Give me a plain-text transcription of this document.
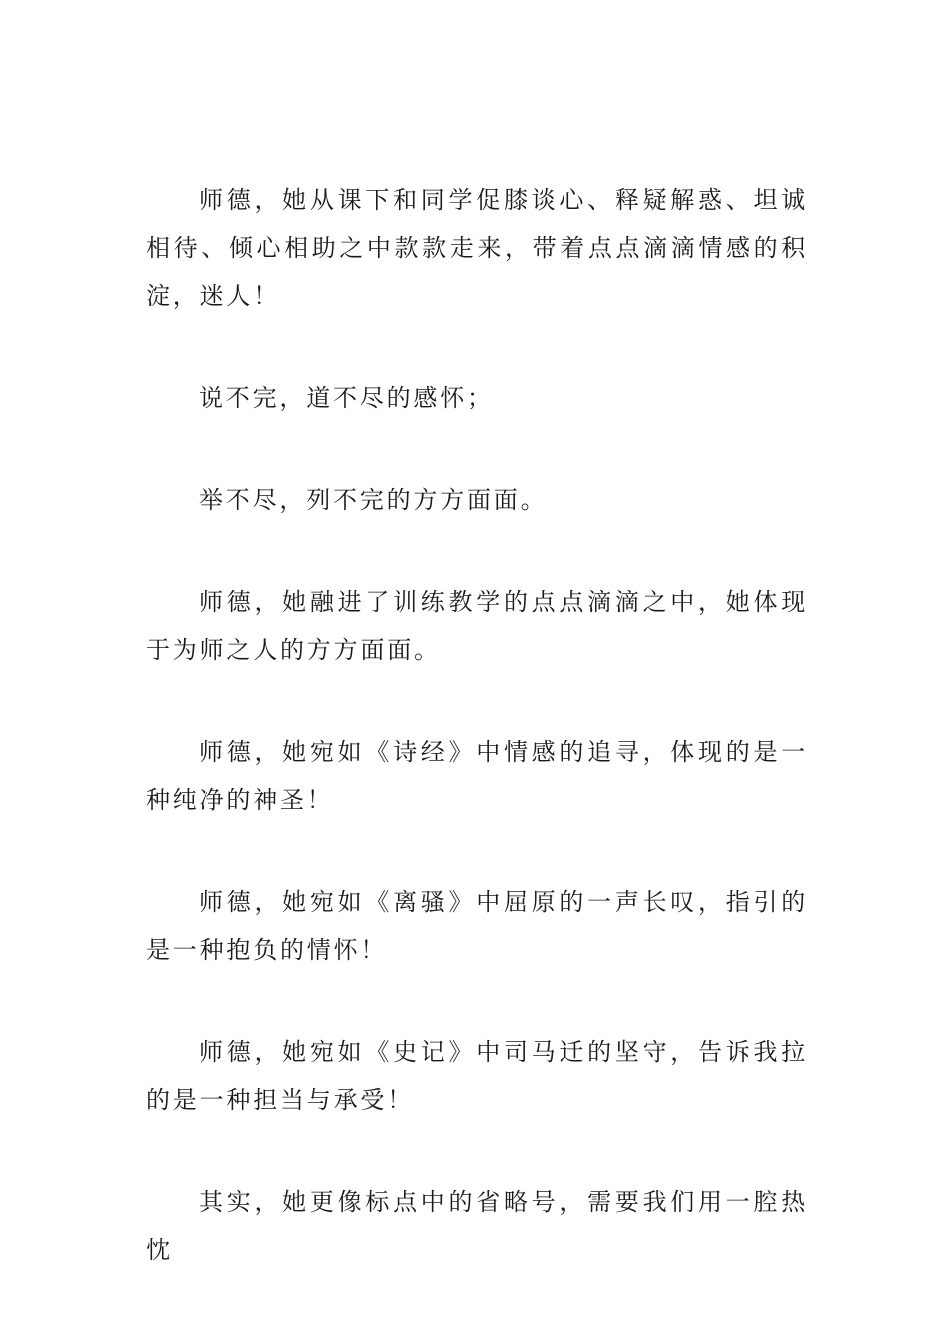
师德，她从课下和同学促膝谈心、释疑解惑、坦诚相待、倾心相助之中款款走来，带着点点滴滴情感的积淀，迷人！

说不完，道不尽的感怀；

举不尽，列不完的方方面面。

师德，她融进了训练教学的点点滴滴之中，她体现于为师之人的方方面面。

师德，她宛如《诗经》中情感的追寻，体现的是一种纯净的神圣！

师德，她宛如《离骚》中屈原的一声长叹，指引的是一种抱负的情怀！

师德，她宛如《史记》中司马迁的坚守，告诉我拉的是一种担当与承受！

其实，她更像标点中的省略号，需要我们用一腔热忱
